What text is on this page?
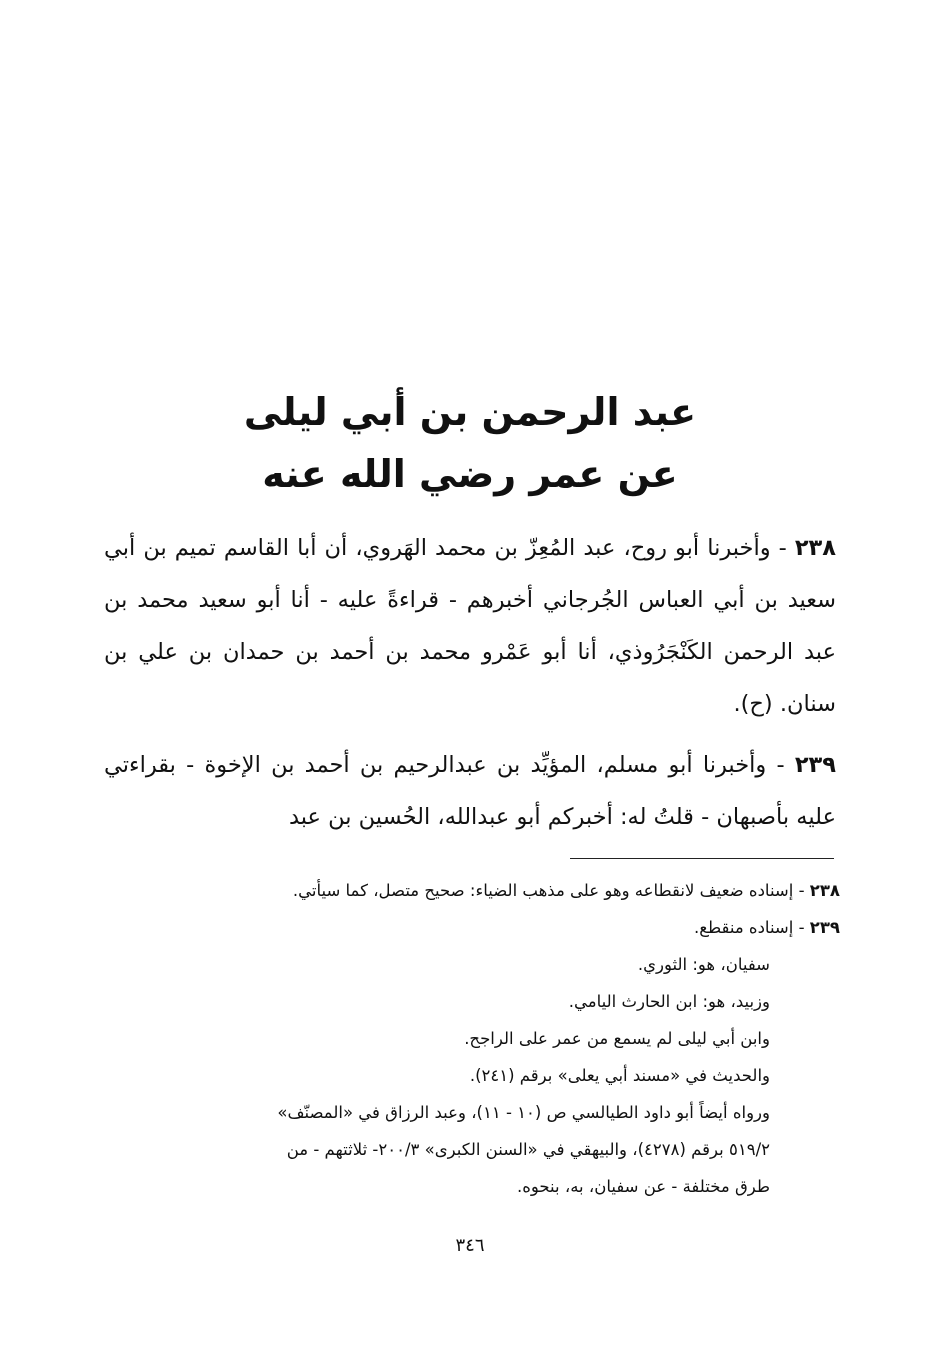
عبد الرحمن بن أبي ليلى
عن عمر رضي الله عنه

٢٣٨ - وأخبرنا أبو روح، عبد المُعِزّ بن محمد الهَروي، أن أبا القاسم تميم بن أبي سعيد بن أبي العباس الجُرجاني أخبرهم - قراءةً عليه - أنا أبو سعيد محمد بن عبد الرحمن الكَنْجَرُوذي، أنا أبو عَمْرو محمد بن أحمد بن حمدان بن علي بن سنان. (ح).

٢٣٩ - وأخبرنا أبو مسلم، المؤيِّد بن عبدالرحيم بن أحمد بن الإخوة - بقراءتي عليه بأصبهان - قلتُ له: أخبركم أبو عبدالله، الحُسين بن عبد

٢٣٨ - إسناده ضعيف لانقطاعه وهو على مذهب الضياء: صحيح متصل، كما سيأتي.

٢٣٩ - إسناده منقطع.

سفيان، هو: الثوري.

وزبيد، هو: ابن الحارث اليامي.

وابن أبي ليلى لم يسمع من عمر على الراجح.

والحديث في «مسند أبي يعلى» برقم (٢٤١).

ورواه أيضاً أبو داود الطيالسي ص (١٠ - ١١)، وعبد الرزاق في «المصنّف»

٥١٩/٢ برقم (٤٢٧٨)، والبيهقي في «السنن الكبرى» ٢٠٠/٣- ثلاثتهم - من

طرق مختلفة - عن سفيان، به، بنحوه.

٣٤٦
